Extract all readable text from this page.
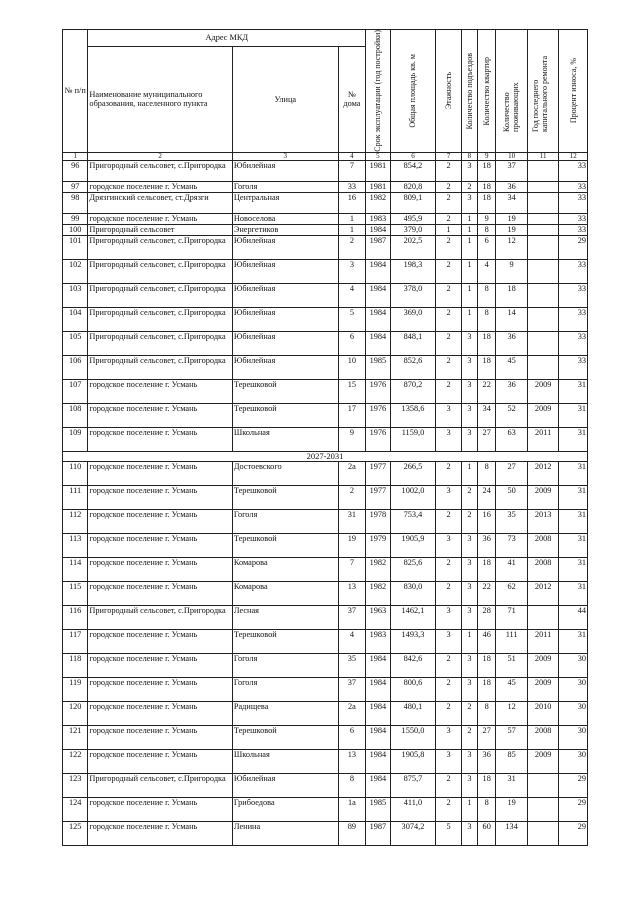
№ п/п	Адрес МКД			Срок эксплуатации (год постройки)	Общая площадь кв. м	Этажность	Количество подъездов	Количество квартир	Количество проживающих	Год последнего капитального ремонта	Процент износа, %

	Наименование муниципального образования, населенного пункта	Улица	№ дома								
1	2	3	4	5	6	7	8	9	10	11	12
96	Пригородный сельсовет, с.Пригородка	Юбилейная	7	1981	854,2	2	3	18	37		33
97	городское поселение г. Усмань	Гоголя	33	1981	820,8	2	2	18	36		33
98	Дрязгинский сельсовет, ст.Дрязги	Центральная	16	1982	809,1	2	3	18	34		33
99	городское поселение г. Усмань	Новоселова	1	1983	495,9	2	1	9	19		33
100	Пригородный сельсовет	Энергетиков	1	1984	379,0	1	1	8	19		33
101	Пригородный сельсовет, с.Пригородка	Юбилейная	2	1987	202,5	2	1	6	12		29
102	Пригородный сельсовет, с.Пригородка	Юбилейная	3	1984	198,3	2	1	4	9		33
103	Пригородный сельсовет, с.Пригородка	Юбилейная	4	1984	378,0	2	1	8	18		33
104	Пригородный сельсовет, с.Пригородка	Юбилейная	5	1984	369,0	2	1	8	14		33
105	Пригородный сельсовет, с.Пригородка	Юбилейная	6	1984	848,1	2	3	18	36		33
106	Пригородный сельсовет, с.Пригородка	Юбилейная	10	1985	852,6	2	3	18	45		33
107	городское поселение г. Усмань	Терешковой	15	1976	870,2	2	3	22	36	2009	31
108	городское поселение г. Усмань	Терешковой	17	1976	1358,6	3	3	34	52	2009	31
109	городское поселение г. Усмань	Школьная	9	1976	1159,0	3	3	27	63	2011	31
2027-2031											
110	городское поселение г. Усмань	Достоевского	2а	1977	266,5	2	1	8	27	2012	31
111	городское поселение г. Усмань	Терешковой	2	1977	1002,0	3	2	24	50	2009	31
112	городское поселение г. Усмань	Гоголя	31	1978	753,4	2	2	16	35	2013	31
113	городское поселение г. Усмань	Терешковой	19	1979	1905,9	3	3	36	73	2008	31
114	городское поселение г. Усмань	Комарова	7	1982	825,6	2	3	18	41	2008	31
115	городское поселение г. Усмань	Комарова	13	1982	830,0	2	3	22	62	2012	31
116	Пригородный сельсовет, с.Пригородка	Лесная	37	1963	1462,1	3	3	28	71		44
117	городское поселение г. Усмань	Терешковой	4	1983	1493,3	3	1	46	111	2011	31
118	городское поселение г. Усмань	Гоголя	35	1984	842,6	2	3	18	51	2009	30
119	городское поселение г. Усмань	Гоголя	37	1984	800,6	2	3	18	45	2009	30
120	городское поселение г. Усмань	Радищева	2а	1984	480,1	2	2	8	12	2010	30
121	городское поселение г. Усмань	Терешковой	6	1984	1550,0	3	2	27	57	2008	30
122	городское поселение г. Усмань	Школьная	13	1984	1905,8	3	3	36	85	2009	30
123	Пригородный сельсовет, с.Пригородка	Юбилейная	8	1984	875,7	2	3	18	31		29
124	городское поселение г. Усмань	Грибоедова	1а	1985	411,0	2	1	8	19		29
125	городское поселение г. Усмань	Ленина	89	1987	3074,2	5	3	60	134		29
